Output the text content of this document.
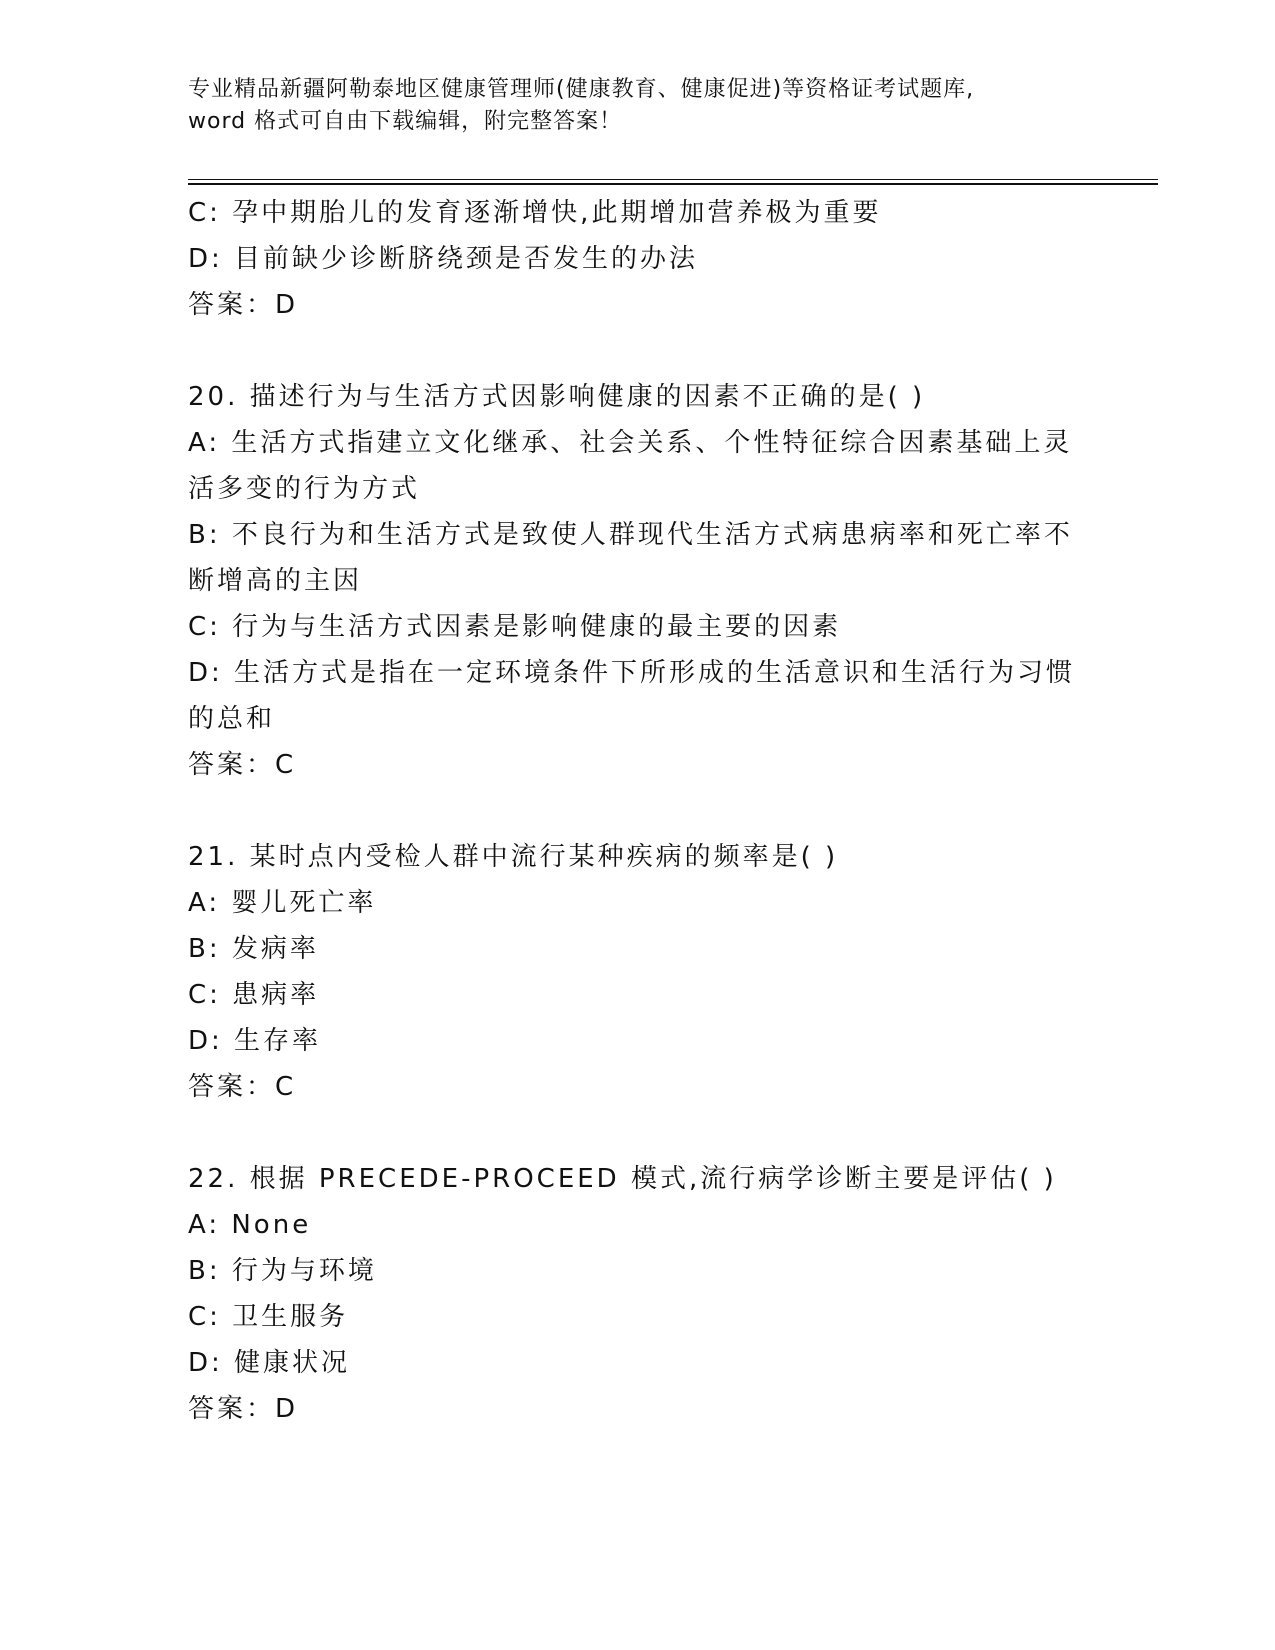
专业精品新疆阿勒泰地区健康管理师(健康教育、健康促进)等资格证考试题库,
word 格式可自由下载编辑，附完整答案！
C: 孕中期胎儿的发育逐渐增快,此期增加营养极为重要
D: 目前缺少诊断脐绕颈是否发生的办法
答案：D
20. 描述行为与生活方式因影响健康的因素不正确的是( )
A: 生活方式指建立文化继承、社会关系、个性特征综合因素基础上灵
活多变的行为方式
B: 不良行为和生活方式是致使人群现代生活方式病患病率和死亡率不
断增高的主因
C: 行为与生活方式因素是影响健康的最主要的因素
D: 生活方式是指在一定环境条件下所形成的生活意识和生活行为习惯
的总和
答案：C
21. 某时点内受检人群中流行某种疾病的频率是( )
A: 婴儿死亡率
B: 发病率
C: 患病率
D: 生存率
答案：C
22. 根据 PRECEDE-PROCEED 模式,流行病学诊断主要是评估( )
A: None
B: 行为与环境
C: 卫生服务
D: 健康状况
答案：D
